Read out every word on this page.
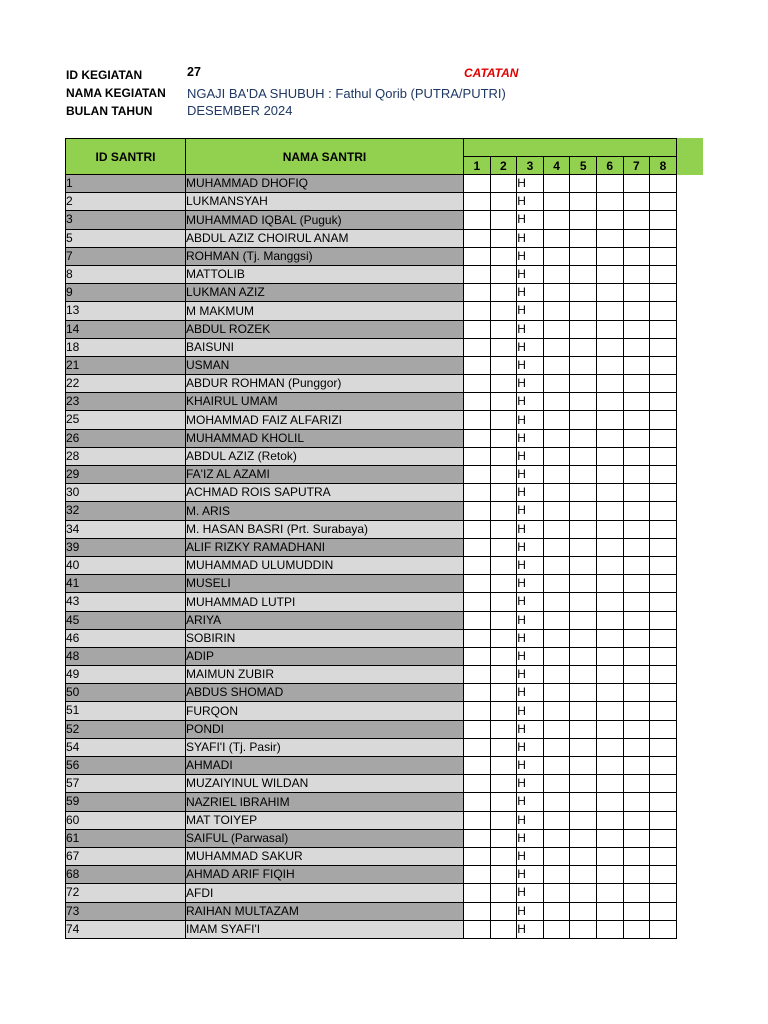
ID KEGIATAN	27	CATATAN
NAMA KEGIATAN	NGAJI BA'DA SHUBUH : Fathul Qorib (PUTRA/PUTRI)
BULAN TAHUN	DESEMBER 2024
ID SANTRI	NAMA SANTRI								
		1	2	3	4	5	6	7	8
1	MUHAMMAD DHOFIQ			H					
2	LUKMANSYAH			H					
3	MUHAMMAD IQBAL (Puguk)			H					
5	ABDUL AZIZ CHOIRUL ANAM			H					
7	ROHMAN (Tj. Manggsi)			H					
8	MATTOLIB			H					
9	LUKMAN AZIZ			H					
13	M MAKMUM			H					
14	ABDUL ROZEK			H					
18	BAISUNI			H					
21	USMAN			H					
22	ABDUR ROHMAN (Punggor)			H					
23	KHAIRUL UMAM			H					
25	MOHAMMAD FAIZ ALFARIZI			H					
26	MUHAMMAD KHOLIL			H					
28	ABDUL AZIZ (Retok)			H					
29	FA'IZ AL AZAMI			H					
30	ACHMAD ROIS SAPUTRA			H					
32	M. ARIS			H					
34	M. HASAN BASRI (Prt. Surabaya)			H					
39	ALIF RIZKY RAMADHANI			H					
40	MUHAMMAD ULUMUDDIN			H					
41	MUSELI			H					
43	MUHAMMAD LUTPI			H					
45	ARIYA			H					
46	SOBIRIN			H					
48	ADIP			H					
49	MAIMUN ZUBIR			H					
50	ABDUS SHOMAD			H					
51	FURQON			H					
52	PONDI			H					
54	SYAFI'I (Tj. Pasir)			H					
56	AHMADI			H					
57	MUZAIYINUL WILDAN			H					
59	NAZRIEL IBRAHIM			H					
60	MAT TOIYEP			H					
61	SAIFUL (Parwasal)			H					
67	MUHAMMAD SAKUR			H					
68	AHMAD ARIF FIQIH			H					
72	AFDI			H					
73	RAIHAN MULTAZAM			H					
74	IMAM SYAFI'I			H					
